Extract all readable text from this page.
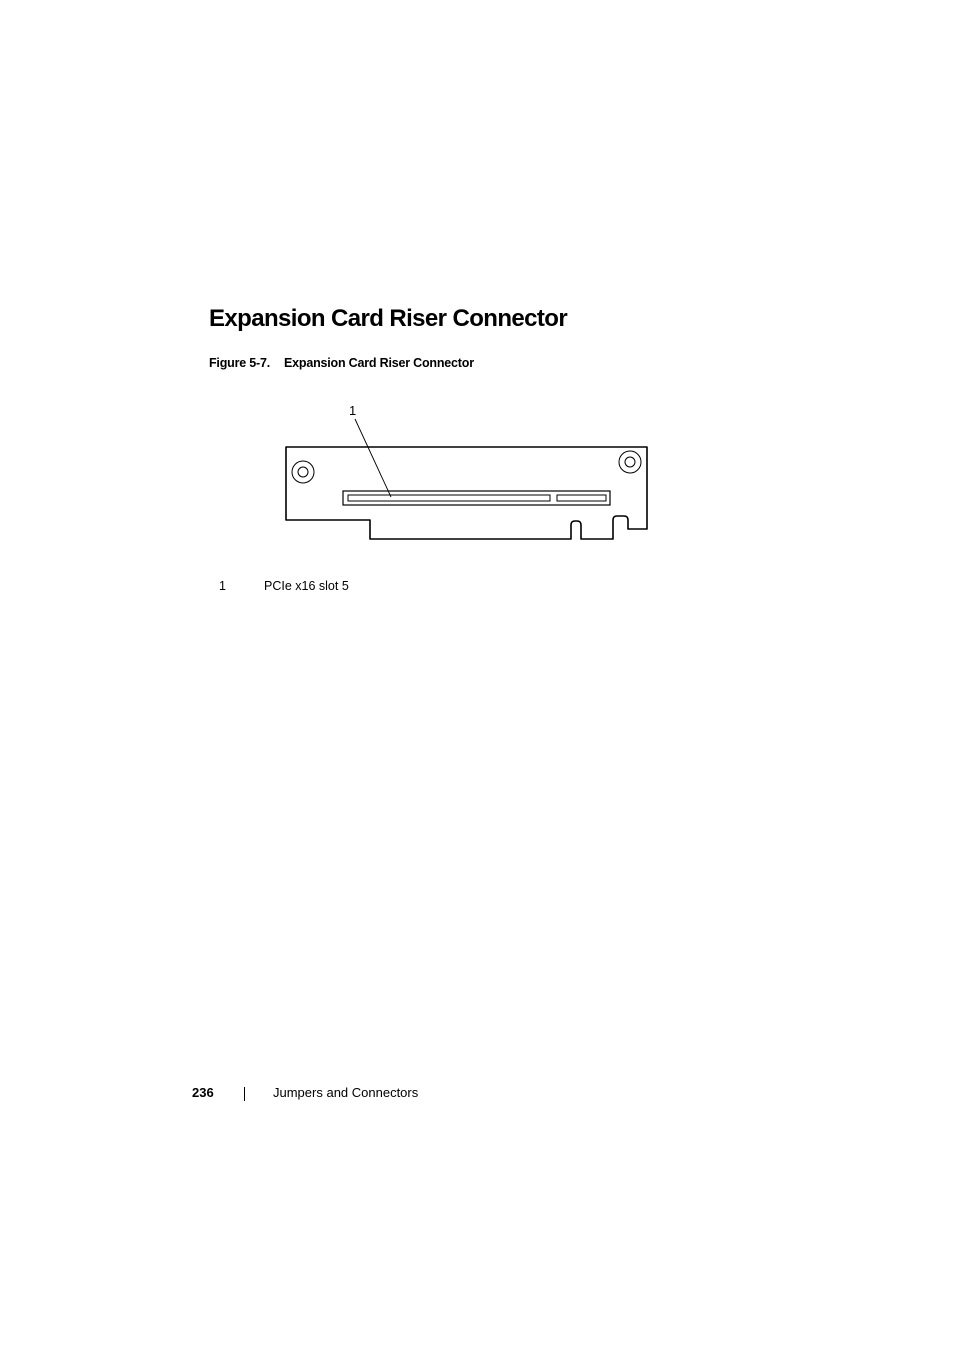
Expansion Card Riser Connector
Figure 5-7. Expansion Card Riser Connector
1
1	PCIe x16 slot 5
236	Jumpers and Connectors
